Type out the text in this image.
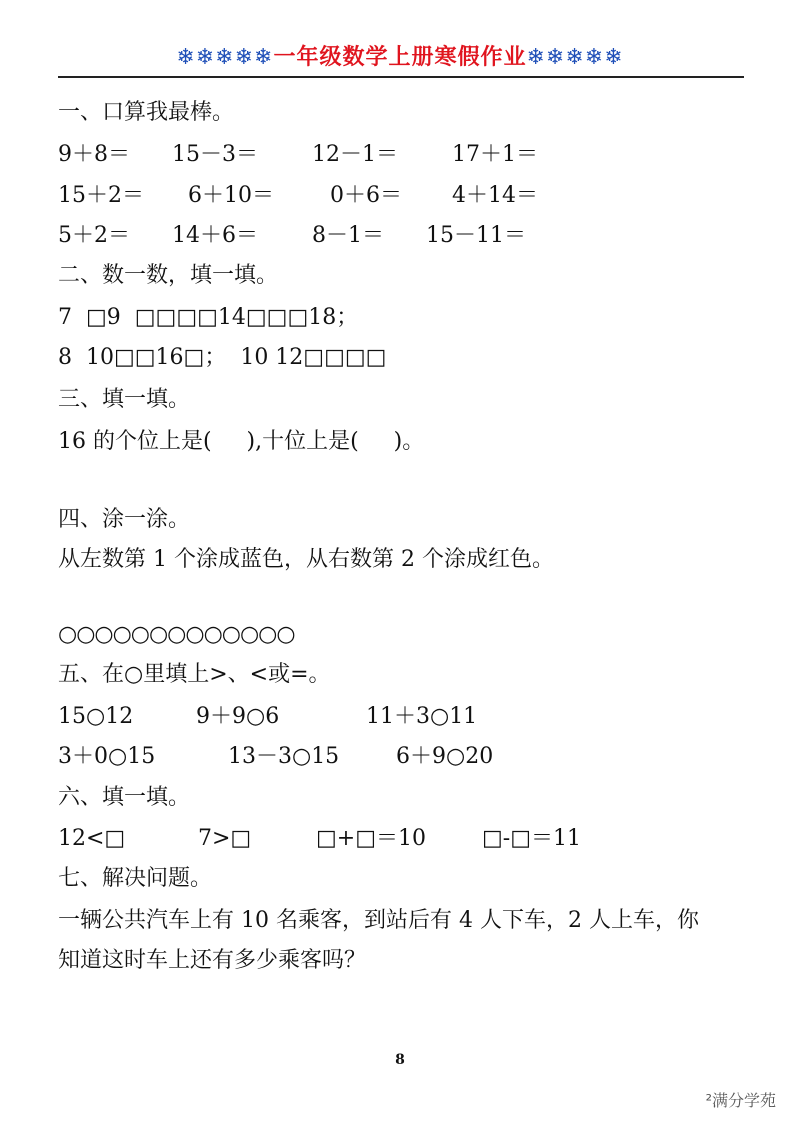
❄❄❄❄❄一年级数学上册寒假作业❄❄❄❄❄
一、口算我最棒。
9＋8＝ 15－3＝ 12－1＝ 17＋1＝
15＋2＝ 6＋10＝	0＋6＝ 4＋14＝
5＋2＝ 14＋6＝ 8－1＝ 15－11＝
二、数一数，填一填。
7  □9  □□□□14□□□18；
8  10□□16□；  10 12□□□□
三、填一填。
16 的个位上是(     ),十位上是(     )。
四、涂一涂。
从左数第 1 个涂成蓝色，从右数第 2 个涂成红色。
○○○○○○○○○○○○○
五、在○里填上>、<或=。
15○12	9＋9○6	11＋3○11
3＋0○15	13－3○15	6＋9○20
六、填一填。
12<□	7>□	□+□＝10	□-□＝11
七、解决问题。
一辆公共汽车上有 10 名乘客，到站后有 4 人下车，2 人上车，你
知道这时车上还有多少乘客吗？
8
²满分学苑
